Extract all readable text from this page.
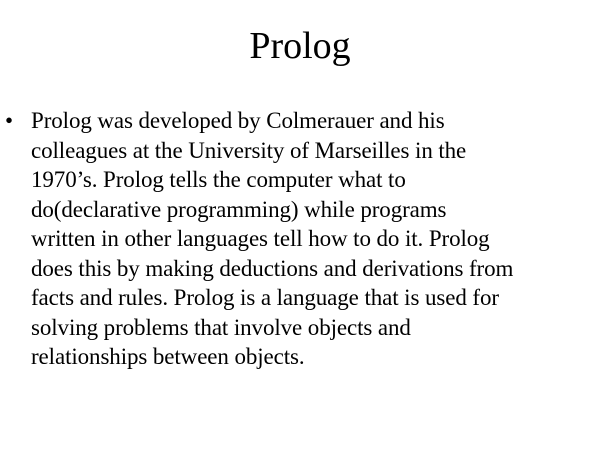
Prolog
• Prolog was developed by Colmerauer and his
colleagues at the University of Marseilles in the
1970’s. Prolog tells the computer what to
do(declarative programming) while programs
written in other languages tell how to do it. Prolog
does this by making deductions and derivations from
facts and rules. Prolog is a language that is used for
solving problems that involve objects and
relationships between objects.
